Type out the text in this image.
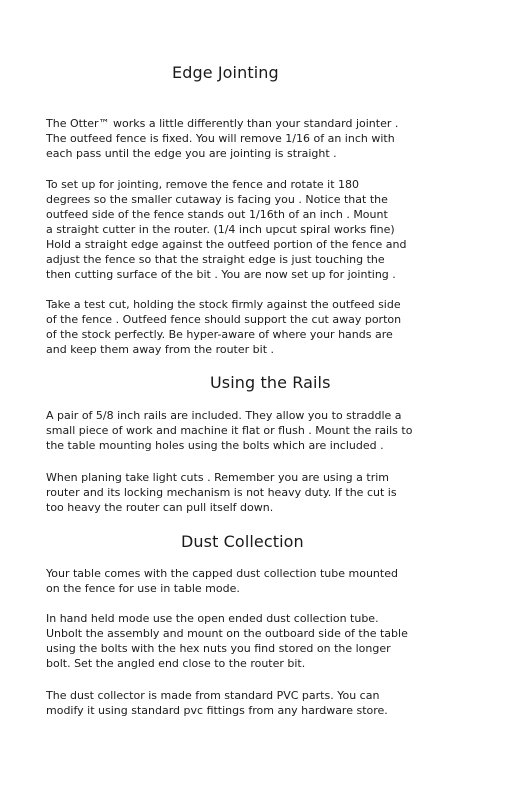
Edge Jointing
The Otter™ works a little differently than your standard jointer .
The outfeed fence is fixed. You will remove 1/16 of an inch with
each pass until the edge you are jointing is straight .
To set up for jointing, remove the fence and rotate it 180
degrees so the smaller cutaway is facing you . Notice that the
outfeed side of the fence stands out 1/16th of an inch . Mount
a straight cutter in the router. (1/4 inch upcut spiral works fine)
Hold a straight edge against the outfeed portion of the fence and
adjust the fence so that the straight edge is just touching the
then cutting surface of the bit . You are now set up for jointing .
Take a test cut, holding the stock firmly against the outfeed side
of the fence . Outfeed fence should support the cut away porton
of the stock perfectly. Be hyper-aware of where your hands are
and keep them away from the router bit .
Using the Rails
A pair of 5/8 inch rails are included. They allow you to straddle a
small piece of work and machine it flat or flush . Mount the rails to
the table mounting holes using the bolts which are included .
When planing take light cuts . Remember you are using a trim
router and its locking mechanism is not heavy duty. If the cut is
too heavy the router can pull itself down.
Dust Collection
Your table comes with the capped dust collection tube mounted
on the fence for use in table mode.
In hand held mode use the open ended dust collection tube.
Unbolt the assembly and mount on the outboard side of the table
using the bolts with the hex nuts you find stored on the longer
bolt. Set the angled end close to the router bit.
The dust collector is made from standard PVC parts. You can
modify it using standard pvc fittings from any hardware store.
